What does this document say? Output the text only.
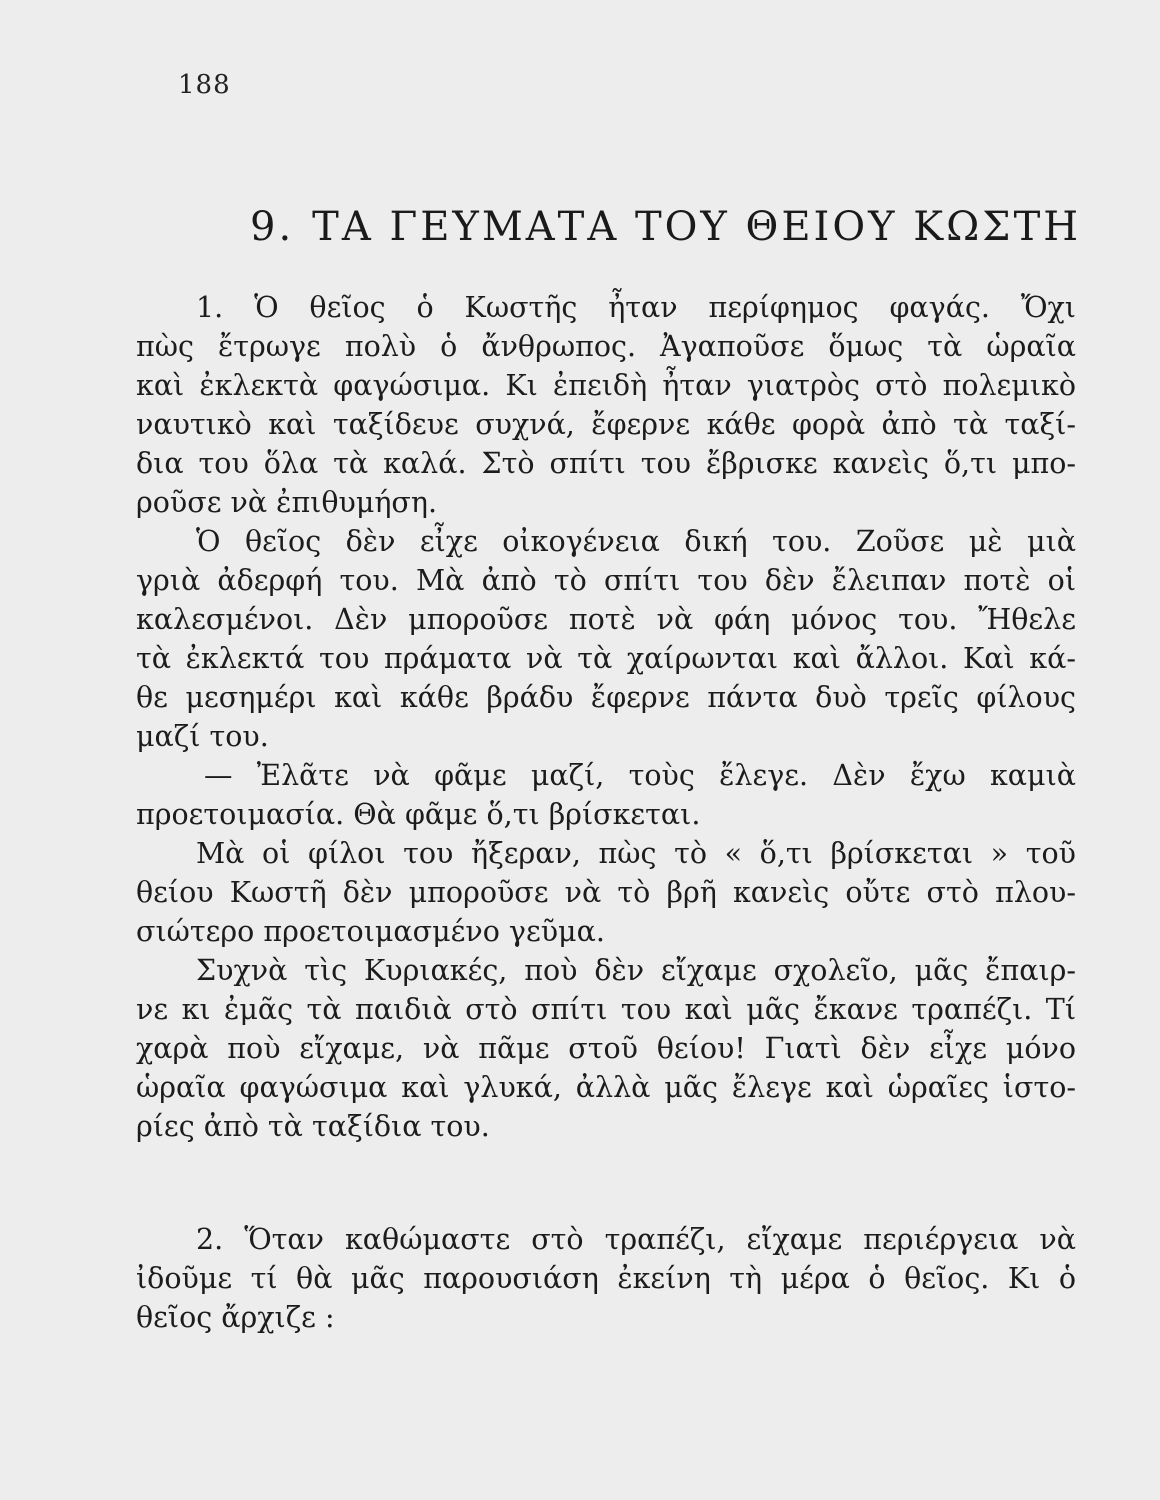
188
9. ΤΑ ΓΕΥΜΑΤΑ ΤΟΥ ΘΕΙΟΥ ΚΩΣΤΗ
1. Ὁ θεῖος ὁ Κωστῆς ἦταν περίφημος φαγάς. Ὄχι
πὼς ἔτρωγε πολὺ ὁ ἄνθρωπος. Ἀγαποῦσε ὅμως τὰ ὡραῖα
καὶ ἐκλεκτὰ φαγώσιμα. Κι ἐπειδὴ ἦταν γιατρὸς στὸ πολεμικὸ
ναυτικὸ καὶ ταξίδευε συχνά, ἔφερνε κάθε φορὰ ἀπὸ τὰ ταξί-
δια του ὅλα τὰ καλά. Στὸ σπίτι του ἔβρισκε κανεὶς ὅ,τι μπο-
ροῦσε νὰ ἐπιθυμήση.
Ὁ θεῖος δὲν εἶχε οἰκογένεια δική του. Ζοῦσε μὲ μιὰ
γριὰ ἀδερφή του. Μὰ ἀπὸ τὸ σπίτι του δὲν ἔλειπαν ποτὲ οἱ
καλεσμένοι. Δὲν μποροῦσε ποτὲ νὰ φάη μόνος του. Ἤθελε
τὰ ἐκλεκτά του πράματα νὰ τὰ χαίρωνται καὶ ἄλλοι. Καὶ κά-
θε μεσημέρι καὶ κάθε βράδυ ἔφερνε πάντα δυὸ τρεῖς φίλους
μαζί του.
— Ἐλᾶτε νὰ φᾶμε μαζί, τοὺς ἔλεγε. Δὲν ἔχω καμιὰ
προετοιμασία. Θὰ φᾶμε ὅ,τι βρίσκεται.
Μὰ οἱ φίλοι του ἤξεραν, πὼς τὸ « ὅ,τι βρίσκεται » τοῦ
θείου Κωστῆ δὲν μποροῦσε νὰ τὸ βρῆ κανεὶς οὔτε στὸ πλου-
σιώτερο προετοιμασμένο γεῦμα.
Συχνὰ τὶς Κυριακές, ποὺ δὲν εἴχαμε σχολεῖο, μᾶς ἔπαιρ-
νε κι ἐμᾶς τὰ παιδιὰ στὸ σπίτι του καὶ μᾶς ἔκανε τραπέζι. Τί
χαρὰ ποὺ εἴχαμε, νὰ πᾶμε στοῦ θείου! Γιατὶ δὲν εἶχε μόνο
ὡραῖα φαγώσιμα καὶ γλυκά, ἀλλὰ μᾶς ἔλεγε καὶ ὡραῖες ἱστο-
ρίες ἀπὸ τὰ ταξίδια του.
2. Ὅταν καθώμαστε στὸ τραπέζι, εἴχαμε περιέργεια νὰ
ἰδοῦμε τί θὰ μᾶς παρουσιάση ἐκείνη τὴ μέρα ὁ θεῖος. Κι ὁ
θεῖος ἄρχιζε :
